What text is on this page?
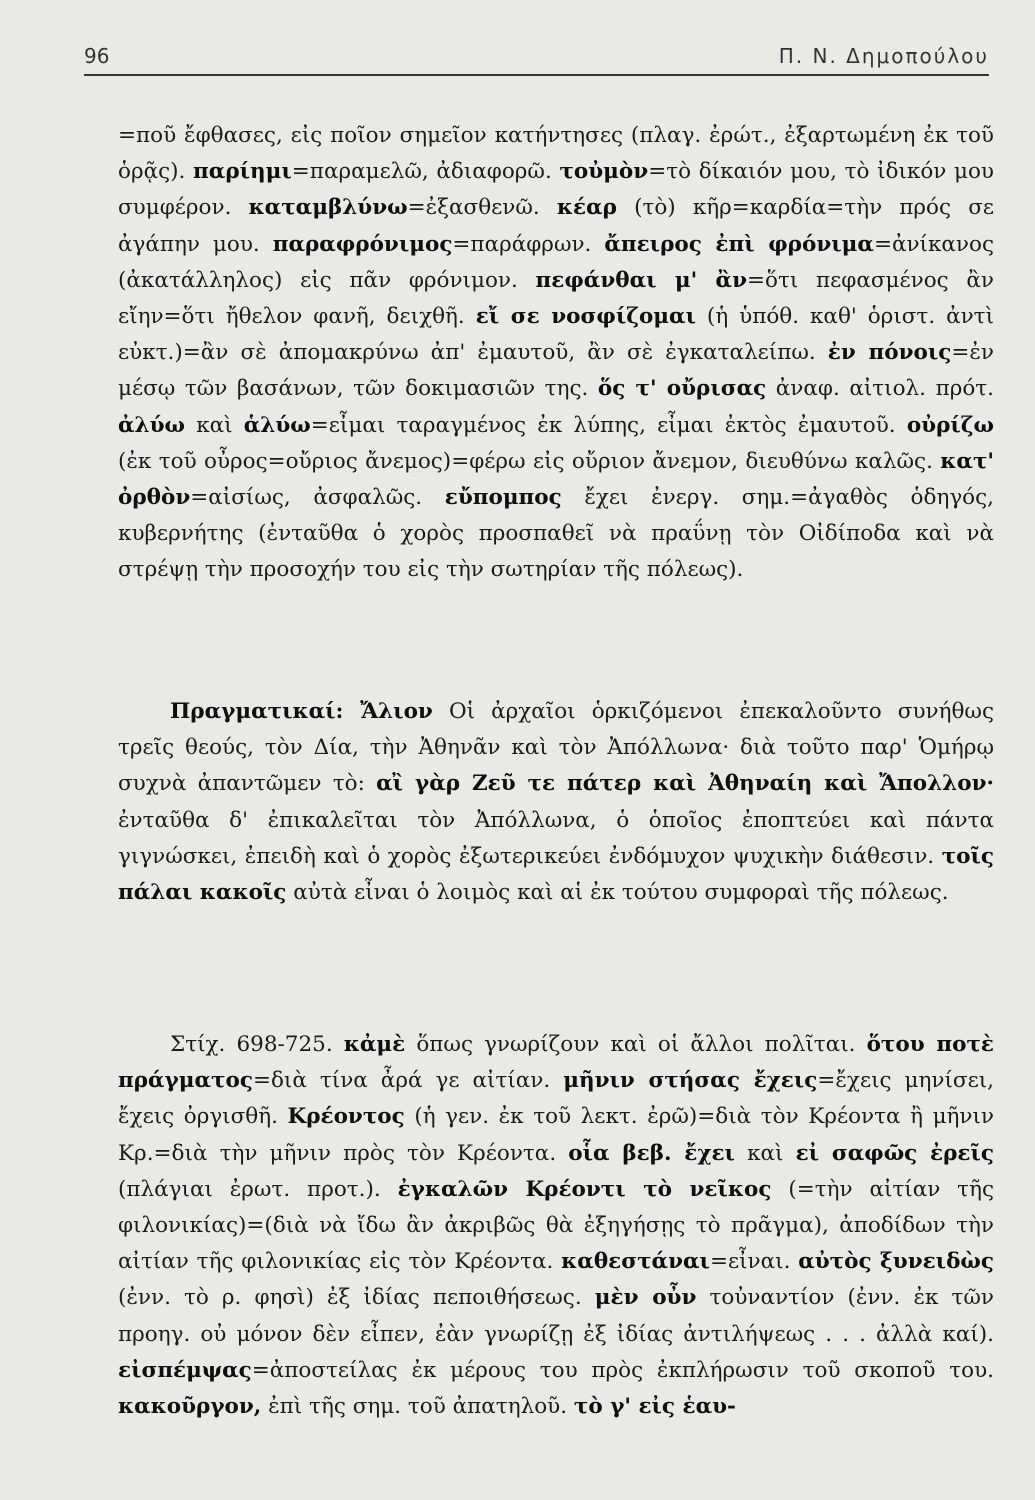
96	Π. Ν. Δημοπούλου

=ποῦ ἔφθασες, εἰς ποῖον σημεῖον κατήντησες (πλαγ. ἐρώτ., ἐξαρτωμένη ἐκ τοῦ ὁρᾷς). παρίημι=παραμελῶ, ἀδιαφορῶ. τοὐμὸν=τὸ δίκαιόν μου, τὸ ἰδικόν μου συμφέρον. καταμβλύνω=ἐξασθενῶ. κέαρ (τὸ) κῆρ=καρδία=τὴν πρός σε ἀγάπην μου. παραφρόνιμος=παράφρων. ἄπειρος ἐπὶ φρόνιμα=ἀνίκανος (ἀκατάλληλος) εἰς πᾶν φρόνιμον. πεφάνθαι μ' ἂν=ὅτι πεφασμένος ἂν εἴην=ὅτι ἤθελον φανῆ, δειχθῆ. εἴ σε νοσφίζομαι (ἡ ὑπόθ. καθ' ὁριστ. ἀντὶ εὐκτ.)=ἂν σὲ ἀπομακρύνω ἀπ' ἐμαυτοῦ, ἂν σὲ ἐγκαταλείπω. ἐν πόνοις=ἐν μέσῳ τῶν βασάνων, τῶν δοκιμασιῶν της. ὅς τ' οὔρισας ἀναφ. αἰτιολ. πρότ. ἀλύω καὶ ἁλύω=εἶμαι ταραγμένος ἐκ λύπης, εἶμαι ἐκτὸς ἐμαυτοῦ. οὐρίζω (ἐκ τοῦ οὖρος=οὔριος ἄνεμος)=φέρω εἰς οὔριον ἄνεμον, διευθύνω καλῶς. κατ' ὀρθὸν=αἰσίως, ἀσφαλῶς. εὔπομπος ἔχει ἐνεργ. σημ.=ἀγαθὸς ὁδηγός, κυβερνήτης (ἐνταῦθα ὁ χορὸς προσπαθεῖ νὰ πραΰνῃ τὸν Οἰδίποδα καὶ νὰ στρέψῃ τὴν προσοχήν του εἰς τὴν σωτηρίαν τῆς πόλεως).

Πραγματικαί: Ἄλιον Οἱ ἀρχαῖοι ὁρκιζόμενοι ἐπεκαλοῦντο συνήθως τρεῖς θεούς, τὸν Δία, τὴν Ἀθηνᾶν καὶ τὸν Ἀπόλλωνα· διὰ τοῦτο παρ' Ὁμήρῳ συχνὰ ἀπαντῶμεν τὸ: αἲ γὰρ Ζεῦ τε πάτερ καὶ Ἀθηναίη καὶ Ἄπολλον· ἐνταῦθα δ' ἐπικαλεῖται τὸν Ἀπόλλωνα, ὁ ὁποῖος ἐποπτεύει καὶ πάντα γιγνώσκει, ἐπειδὴ καὶ ὁ χορὸς ἐξωτερικεύει ἐνδόμυχον ψυχικὴν διάθεσιν. τοῖς πάλαι κακοῖς αὐτὰ εἶναι ὁ λοιμὸς καὶ αἱ ἐκ τούτου συμφοραὶ τῆς πόλεως.

Στίχ. 698-725. κἀμὲ ὅπως γνωρίζουν καὶ οἱ ἄλλοι πολῖται. ὅτου ποτὲ πράγματος=διὰ τίνα ἆρά γε αἰτίαν. μῆνιν στήσας ἔχεις=ἔχεις μηνίσει, ἔχεις ὀργισθῆ. Κρέοντος (ἡ γεν. ἐκ τοῦ λεκτ. ἐρῶ)=διὰ τὸν Κρέοντα ἢ μῆνιν Κρ.=διὰ τὴν μῆνιν πρὸς τὸν Κρέοντα. οἷα βεβ. ἔχει καὶ εἰ σαφῶς ἐρεῖς (πλάγιαι ἐρωτ. προτ.). ἐγκαλῶν Κρέοντι τὸ νεῖκος (=τὴν αἰτίαν τῆς φιλονικίας)=(διὰ νὰ ἴδω ἂν ἀκριβῶς θὰ ἐξηγήσῃς τὸ πρᾶγμα), ἀποδίδων τὴν αἰτίαν τῆς φιλονικίας εἰς τὸν Κρέοντα. καθεστάναι=εἶναι. αὐτὸς ξυνειδὼς (ἐνν. τὸ ρ. φησὶ) ἐξ ἰδίας πεποιθήσεως. μὲν οὖν τοὐναντίον (ἐνν. ἐκ τῶν προηγ. οὐ μόνον δὲν εἶπεν, ἐὰν γνωρίζῃ ἐξ ἰδίας ἀντιλήψεως . . . ἀλλὰ καί). εἰσπέμψας=ἀποστείλας ἐκ μέρους του πρὸς ἐκπλήρωσιν τοῦ σκοποῦ του. κακοῦργον, ἐπὶ τῆς σημ. τοῦ ἀπατηλοῦ. τὸ γ' εἰς ἑαυ-
